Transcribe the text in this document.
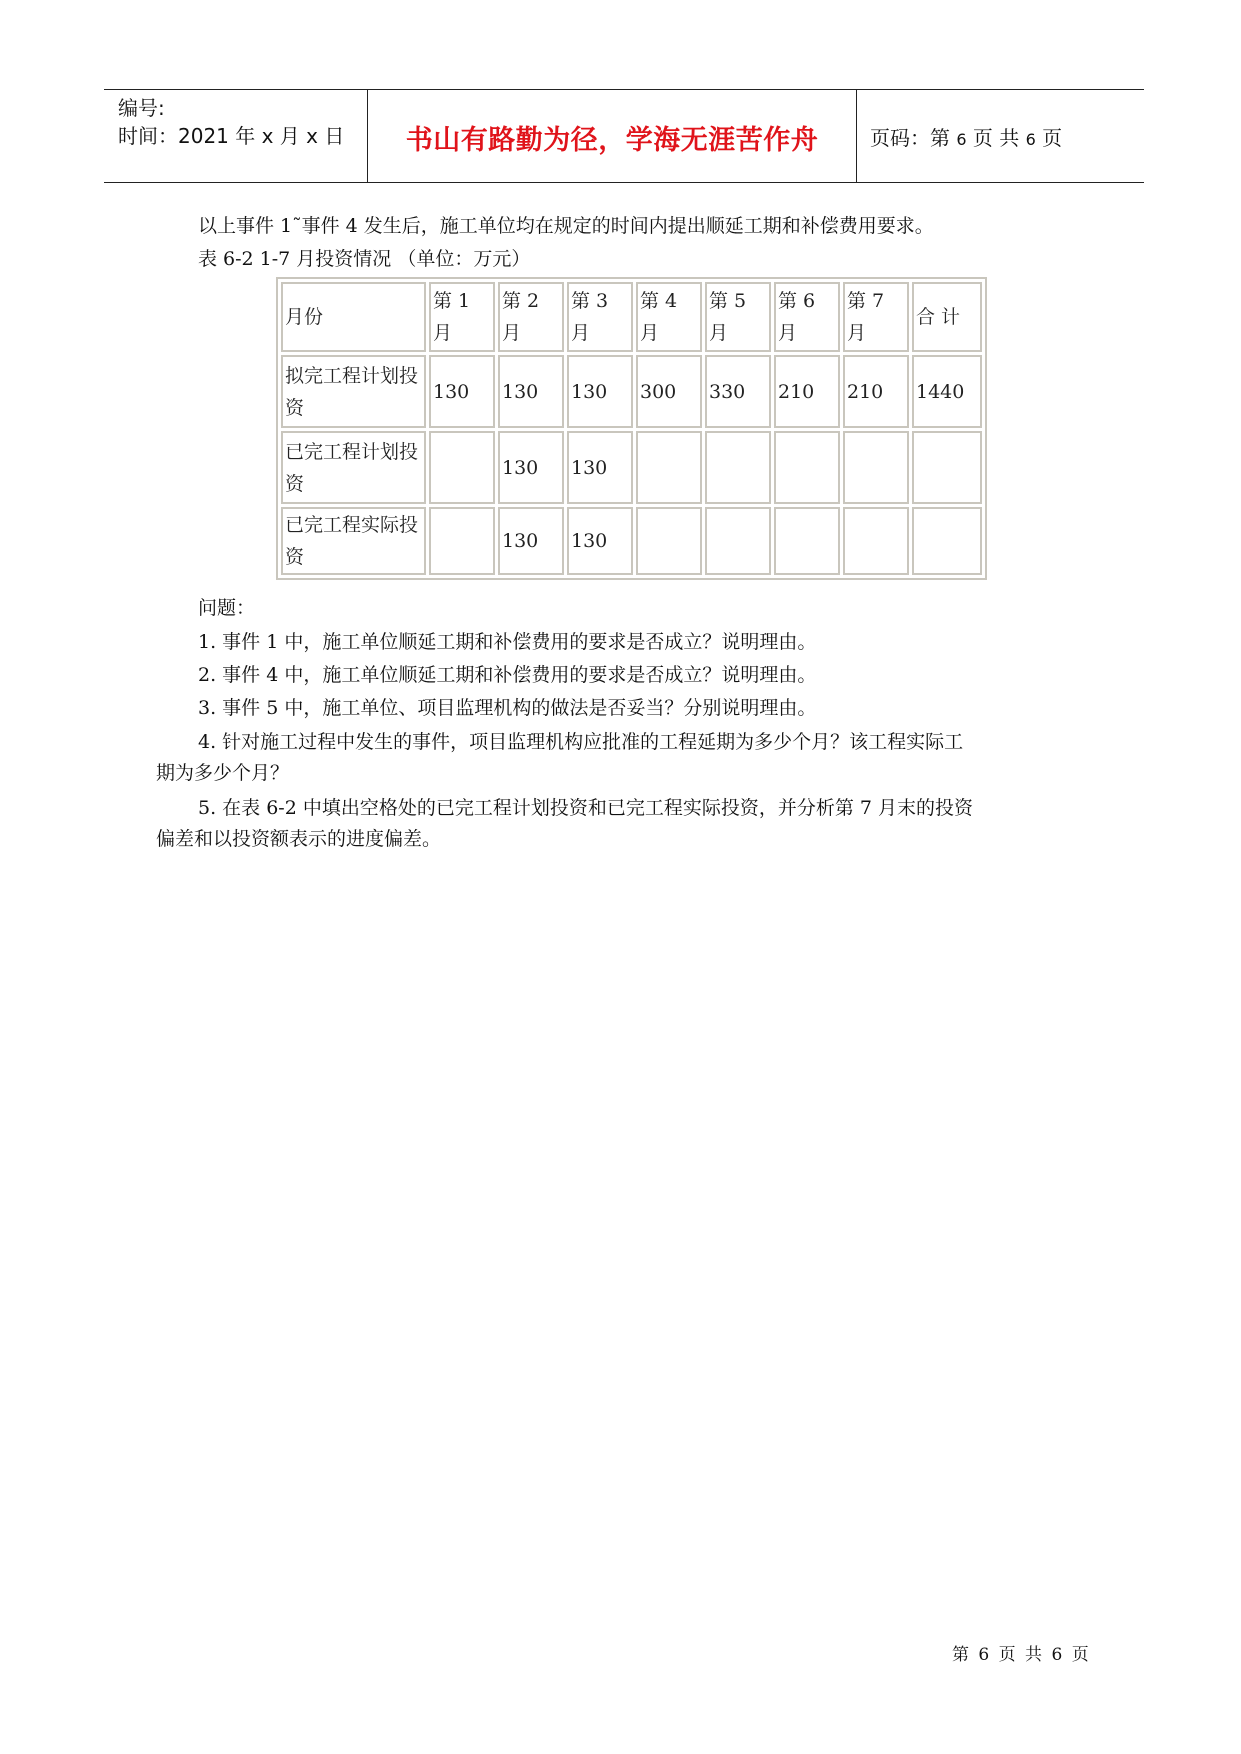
编号:
时间：2021 年 x 月 x 日	书山有路勤为径，学海无涯苦作舟	页码：第 6 页 共 6 页
以上事件 1˜事件 4 发生后，施工单位均在规定的时间内提出顺延工期和补偿费用要求。
表 6-2 1-7 月投资情况 （单位：万元）
月份	第 1 月	第 2 月	第 3 月	第 4 月	第 5 月	第 6 月	第 7 月	合 计
拟完工程计划投资	130	130	130	300	330	210	210	1440
已完工程计划投资		130	130					
已完工程实际投资		130	130					
问题：
1. 事件 1 中，施工单位顺延工期和补偿费用的要求是否成立？说明理由。
2. 事件 4 中，施工单位顺延工期和补偿费用的要求是否成立？说明理由。
3. 事件 5 中，施工单位、项目监理机构的做法是否妥当？分别说明理由。
4. 针对施工过程中发生的事件，项目监理机构应批准的工程延期为多少个月？该工程实际工
期为多少个月？
5. 在表 6-2 中填出空格处的已完工程计划投资和已完工程实际投资，并分析第 7 月末的投资
偏差和以投资额表示的进度偏差。
第 6 页 共 6 页
